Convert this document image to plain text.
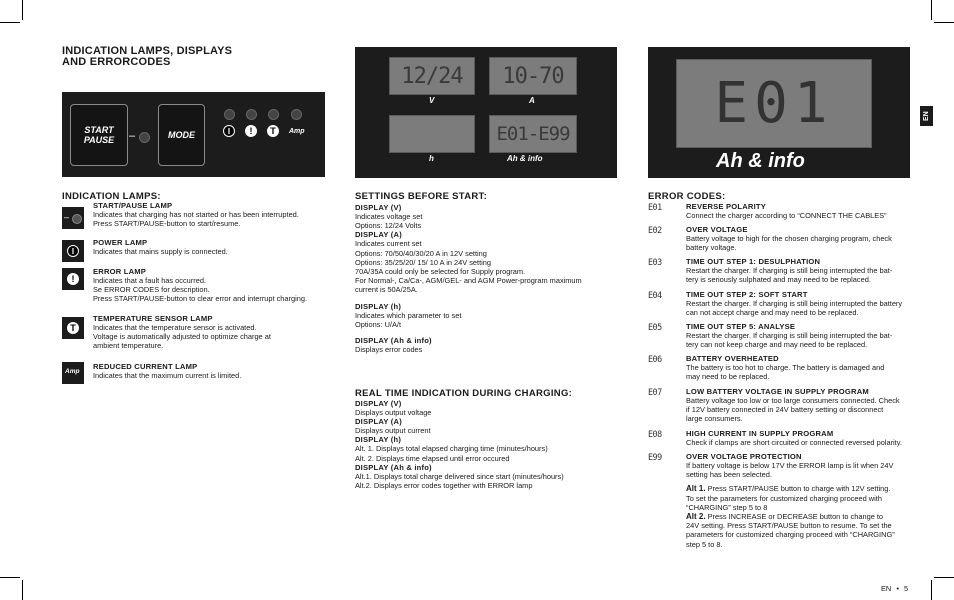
INDICATION LAMPS, DISPLAYS
AND ERRORCODES
START
PAUSE –	MODE	I ! T Amp
12/24	10-70
V	A
E01-E99
h	Ah & info
E01
Ah & info
EN
INDICATION LAMPS:
–
START/PAUSE LAMP
Indicates that charging has not started or has been interrupted.
Press START/PAUSE-button to start/resume.
I
POWER LAMP
Indicates that mains supply is connected.
!
ERROR LAMP
Indicates that a fault has occurred.
Se ERROR CODES for description.
Press START/PAUSE-button to clear error and interrupt charging.
T
TEMPERATURE SENSOR LAMP
Indicates that the temperature sensor is activated.
Voltage is automatically adjusted to optimize charge at
ambient temperature.
Amp
REDUCED CURRENT LAMP
Indicates that the maximum current is limited.
SETTINGS BEFORE START:
DISPLAY (V)
Indicates voltage set
Options: 12/24 Volts
DISPLAY (A)
Indicates current set
Options: 70/50/40/30/20 A in 12V setting
Options: 35/25/20/ 15/ 10 A in 24V setting
70A/35A could only be selected for Supply program.
For Normal-, Ca/Ca-, AGM/GEL- and AGM Power-program maximum
current is 50A/25A.
DISPLAY (h)
Indicates which parameter to set
Options: U/A/t
DISPLAY (Ah & info)
Displays error codes
REAL TIME INDICATION DURING CHARGING:
DISPLAY (V)
Displays output voltage
DISPLAY (A)
Displays output current
DISPLAY (h)
Alt. 1. Displays total elapsed charging time (minutes/hours)
Alt. 2. Displays time elapsed until error occured
DISPLAY (Ah & info)
Alt.1. Displays total charge delivered since start (minutes/hours)
Alt.2. Displays error codes together with ERROR lamp
ERROR CODES:
E01	REVERSE POLARITY
Connect the charger according to “CONNECT THE CABLES”
E02	OVER VOLTAGE
Battery voltage to high for the chosen charging program, check
battery voltage.
E03	TIME OUT STEP 1: DESULPHATION
Restart the charger. If charging is still being interrupted the bat-
tery is seriously sulphated and may need to be replaced.
E04	TIME OUT STEP 2: SOFT START
Restart the charger. If charging is still being interrupted the battery
can not accept charge and may need to be replaced.
E05	TIME OUT STEP 5: ANALYSE
Restart the charger. If charging is still being interrupted the bat-
tery can not keep charge and may need to be replaced.
E06	BATTERY OVERHEATED
The battery is too hot to charge. The battery is damaged and
may need to be replaced.
E07	LOW BATTERY VOLTAGE IN SUPPLY PROGRAM
Battery voltage too low or too large consumers connected. Check
if 12V battery connected in 24V battery setting or disconnect
large consumers.
E08	HIGH CURRENT IN SUPPLY PROGRAM
Check if clamps are short circuited or connected reversed polarity.
E99	OVER VOLTAGE PROTECTION
If battery voltage is below 17V the ERROR lamp is lit when 24V
setting has been selected.
Alt 1. Press START/PAUSE button to charge with 12V setting.
To set the parameters for customized charging proceed with
“CHARGING” step 5 to 8
Alt 2. Press INCREASE or DECREASE button to change to
24V setting. Press START/PAUSE button to resume. To set the
parameters for customized charging proceed with “CHARGING”
step 5 to 8.
EN • 5
